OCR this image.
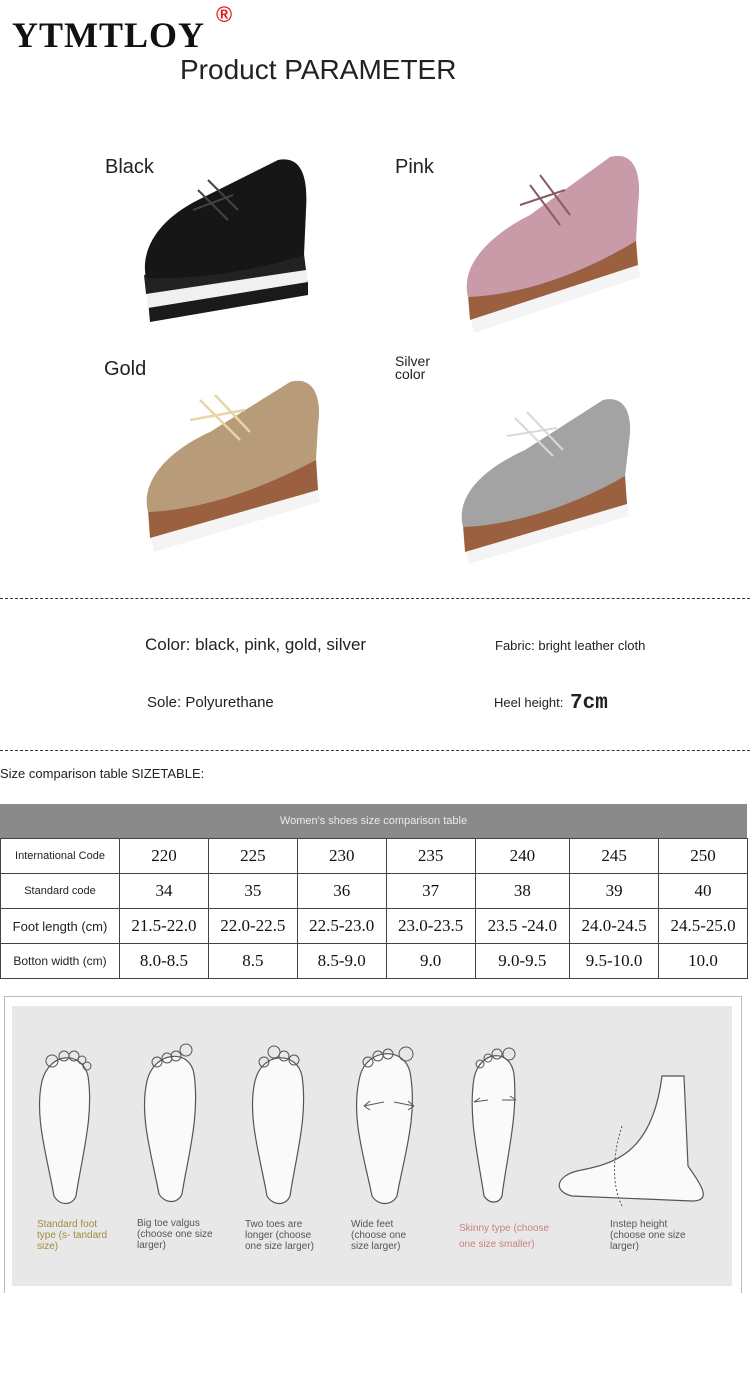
YTMTLOY
®
Product PARAMETER
Black	Pink
Gold	Silver color
Color: black, pink, gold, silver	Fabric: bright leather cloth
Sole: Polyurethane	Heel height: 7cm
Size comparison table SIZETABLE:
Women's shoes size comparison table
International Code	220	225	230	235	240	245	250
Standard code	34	35	36	37	38	39	40
Foot length (cm)	21.5-22.0	22.0-22.5	22.5-23.0	23.0-23.5	23.5 -24.0	24.0-24.5	24.5-25.0
Botton width (cm)	8.0-8.5	8.5	8.5-9.0	9.0	9.0-9.5	9.5-10.0	10.0
Standard foot type (s- tandard size)
Big toe valgus (choose one size larger)
Two toes are longer (choose one size larger)
Wide feet (choose one size larger)
Skinny type (choose one size smaller)
Instep height (choose one size larger)
